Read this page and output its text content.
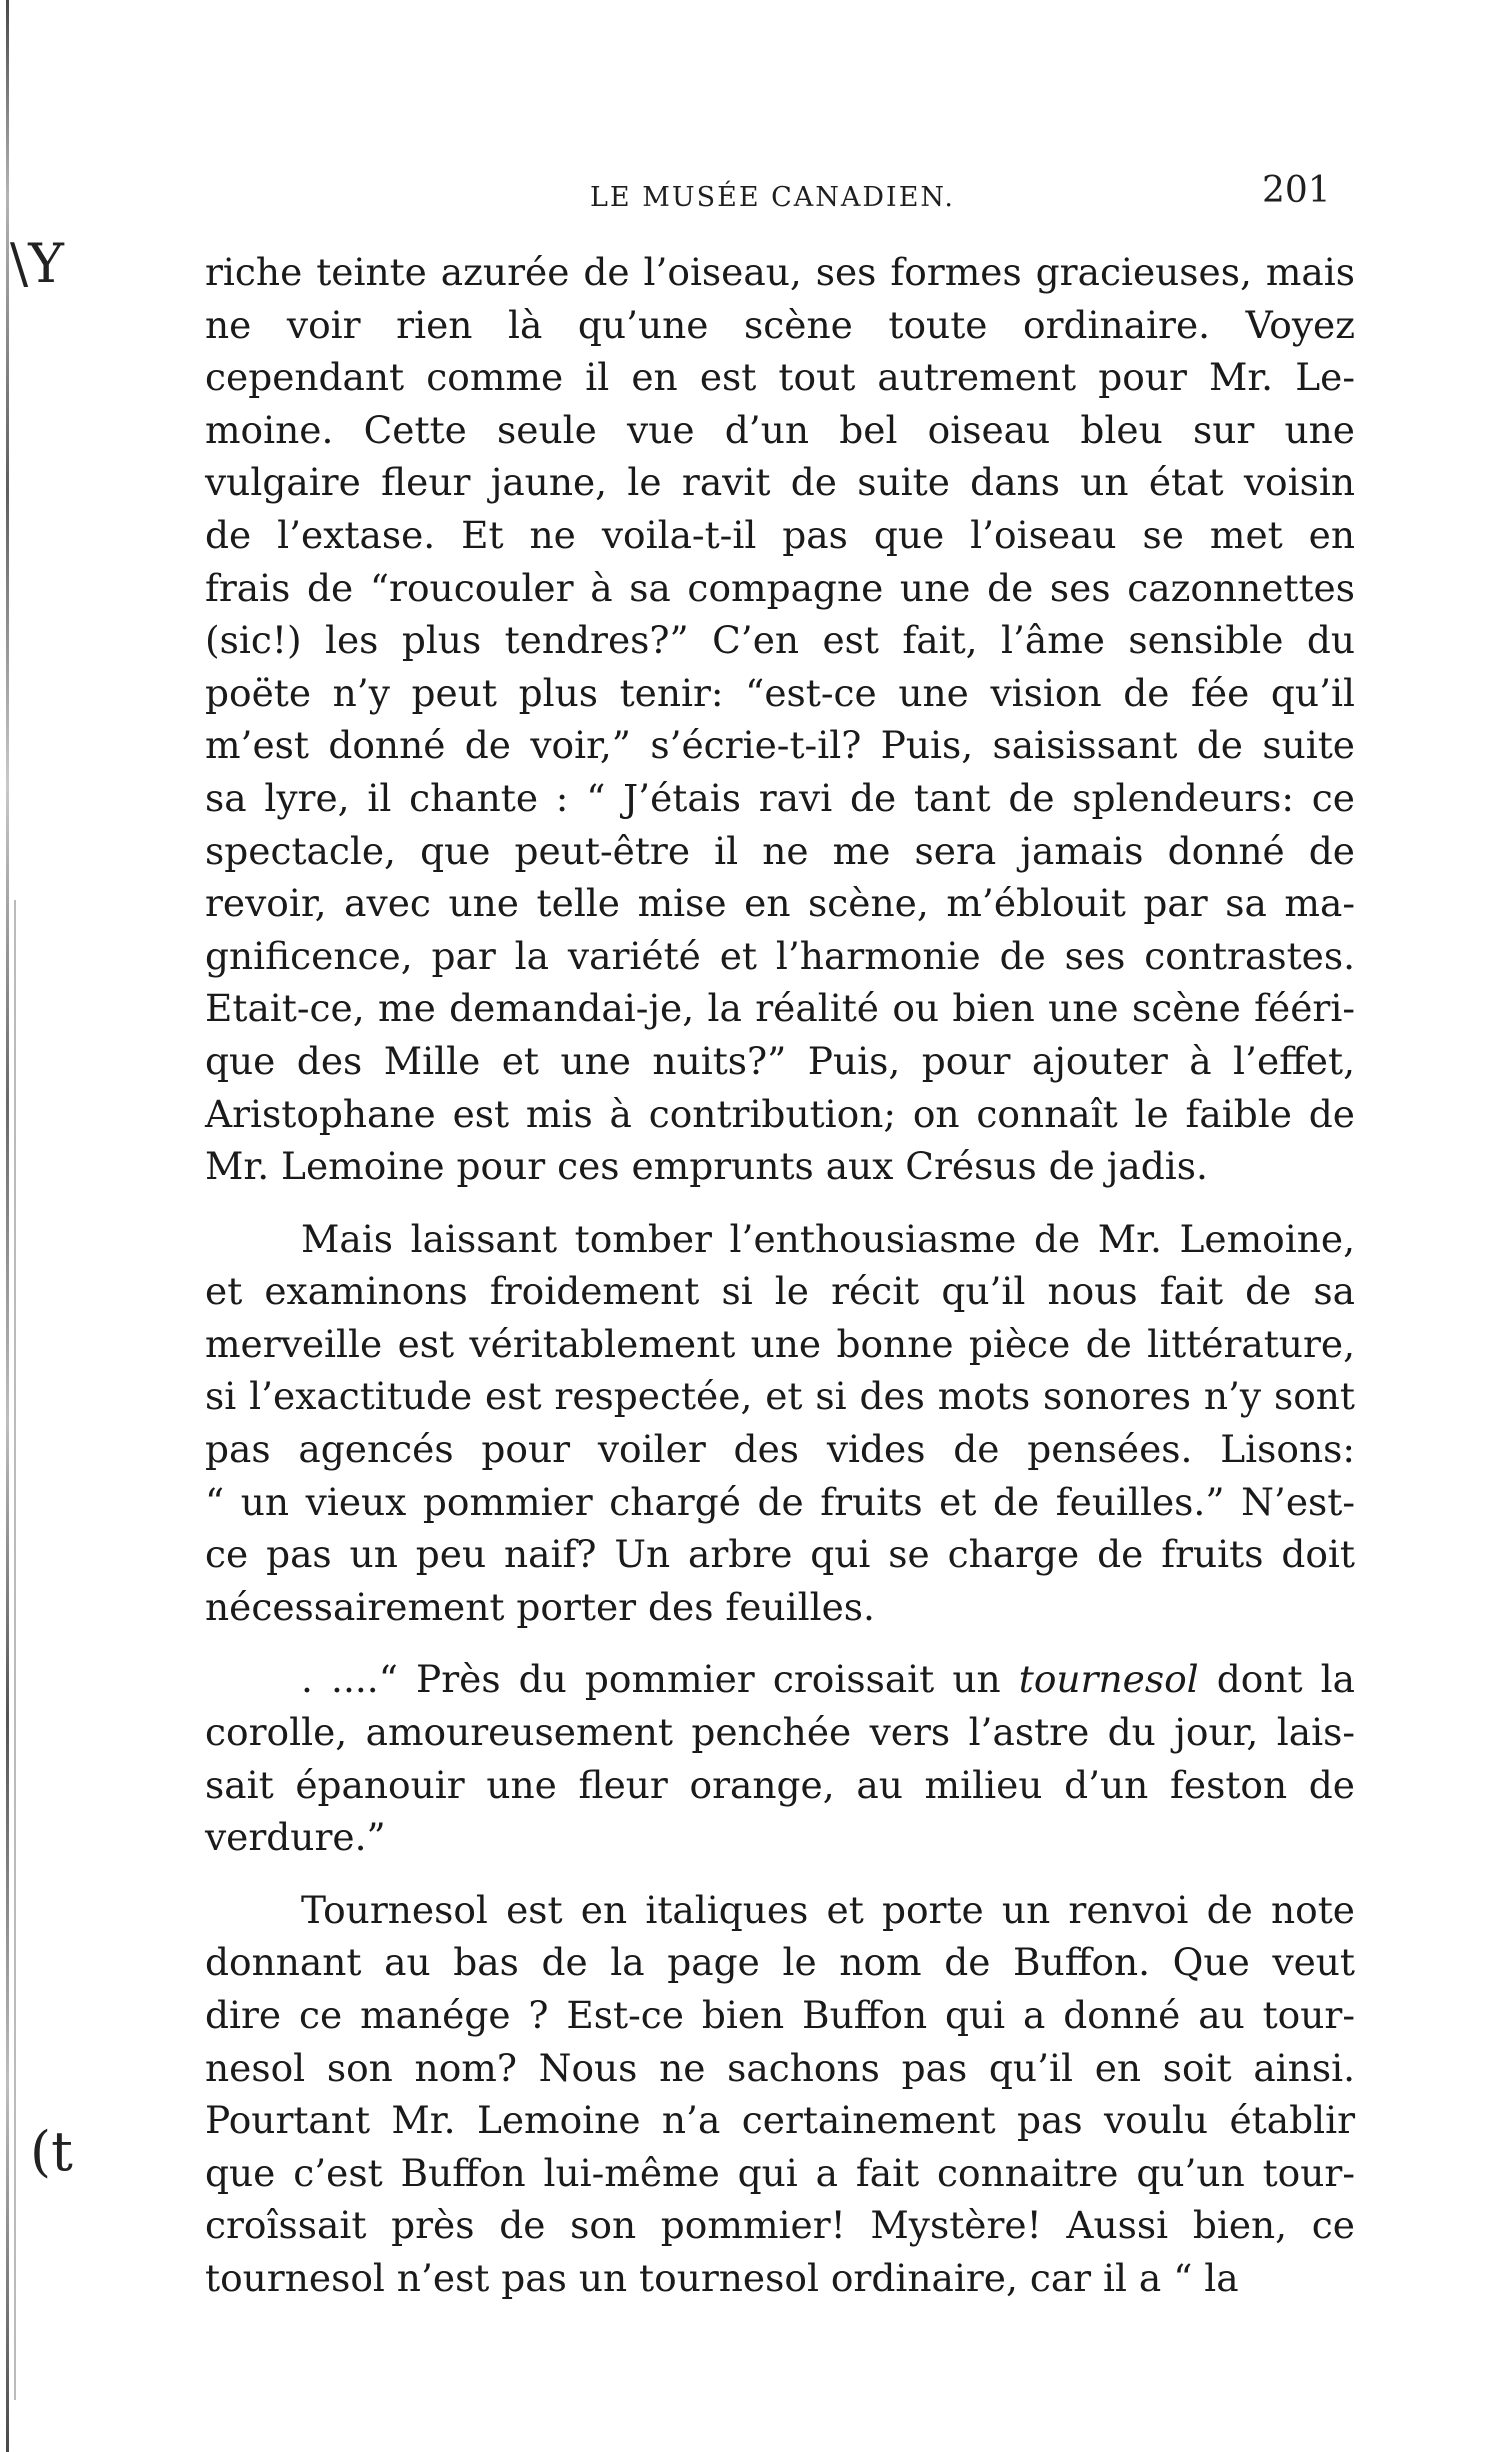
\Y
(t
LE MUSÉE CANADIEN.	201
riche teinte azurée de l’oiseau, ses formes gracieuses, mais
ne voir rien là qu’une scène toute ordinaire. Voyez
cependant comme il en est tout autrement pour Mr. Le-
moine. Cette seule vue d’un bel oiseau bleu sur une
vulgaire fleur jaune, le ravit de suite dans un état voisin
de l’extase. Et ne voila-t-il pas que l’oiseau se met en
frais de “roucouler à sa compagne une de ses cazonnettes
(sic!) les plus tendres?” C’en est fait, l’âme sensible du
poëte n’y peut plus tenir: “est-ce une vision de fée qu’il
m’est donné de voir,” s’écrie-t-il? Puis, saisissant de suite
sa lyre, il chante : “ J’étais ravi de tant de splendeurs: ce
spectacle, que peut-être il ne me sera jamais donné de
revoir, avec une telle mise en scène, m’éblouit par sa ma-
gnificence, par la variété et l’harmonie de ses contrastes.
Etait-ce, me demandai-je, la réalité ou bien une scène fééri-
que des Mille et une nuits?” Puis, pour ajouter à l’effet,
Aristophane est mis à contribution; on connaît le faible de
Mr. Lemoine pour ces emprunts aux Crésus de jadis.
Mais laissant tomber l’enthousiasme de Mr. Lemoine,
et examinons froidement si le récit qu’il nous fait de sa
merveille est véritablement une bonne pièce de littérature,
si l’exactitude est respectée, et si des mots sonores n’y sont
pas agencés pour voiler des vides de pensées. Lisons:
“ un vieux pommier chargé de fruits et de feuilles.” N’est-
ce pas un peu naif? Un arbre qui se charge de fruits doit
nécessairement porter des feuilles.
. ....“ Près du pommier croissait un tournesol dont la
corolle, amoureusement penchée vers l’astre du jour, lais-
sait épanouir une fleur orange, au milieu d’un feston de
verdure.”
Tournesol est en italiques et porte un renvoi de note
donnant au bas de la page le nom de Buffon. Que veut
dire ce manége ? Est-ce bien Buffon qui a donné au tour-
nesol son nom? Nous ne sachons pas qu’il en soit ainsi.
Pourtant Mr. Lemoine n’a certainement pas voulu établir
que c’est Buffon lui-même qui a fait connaitre qu’un tour-
croîssait près de son pommier! Mystère! Aussi bien, ce
tournesol n’est pas un tournesol ordinaire, car il a “ la
